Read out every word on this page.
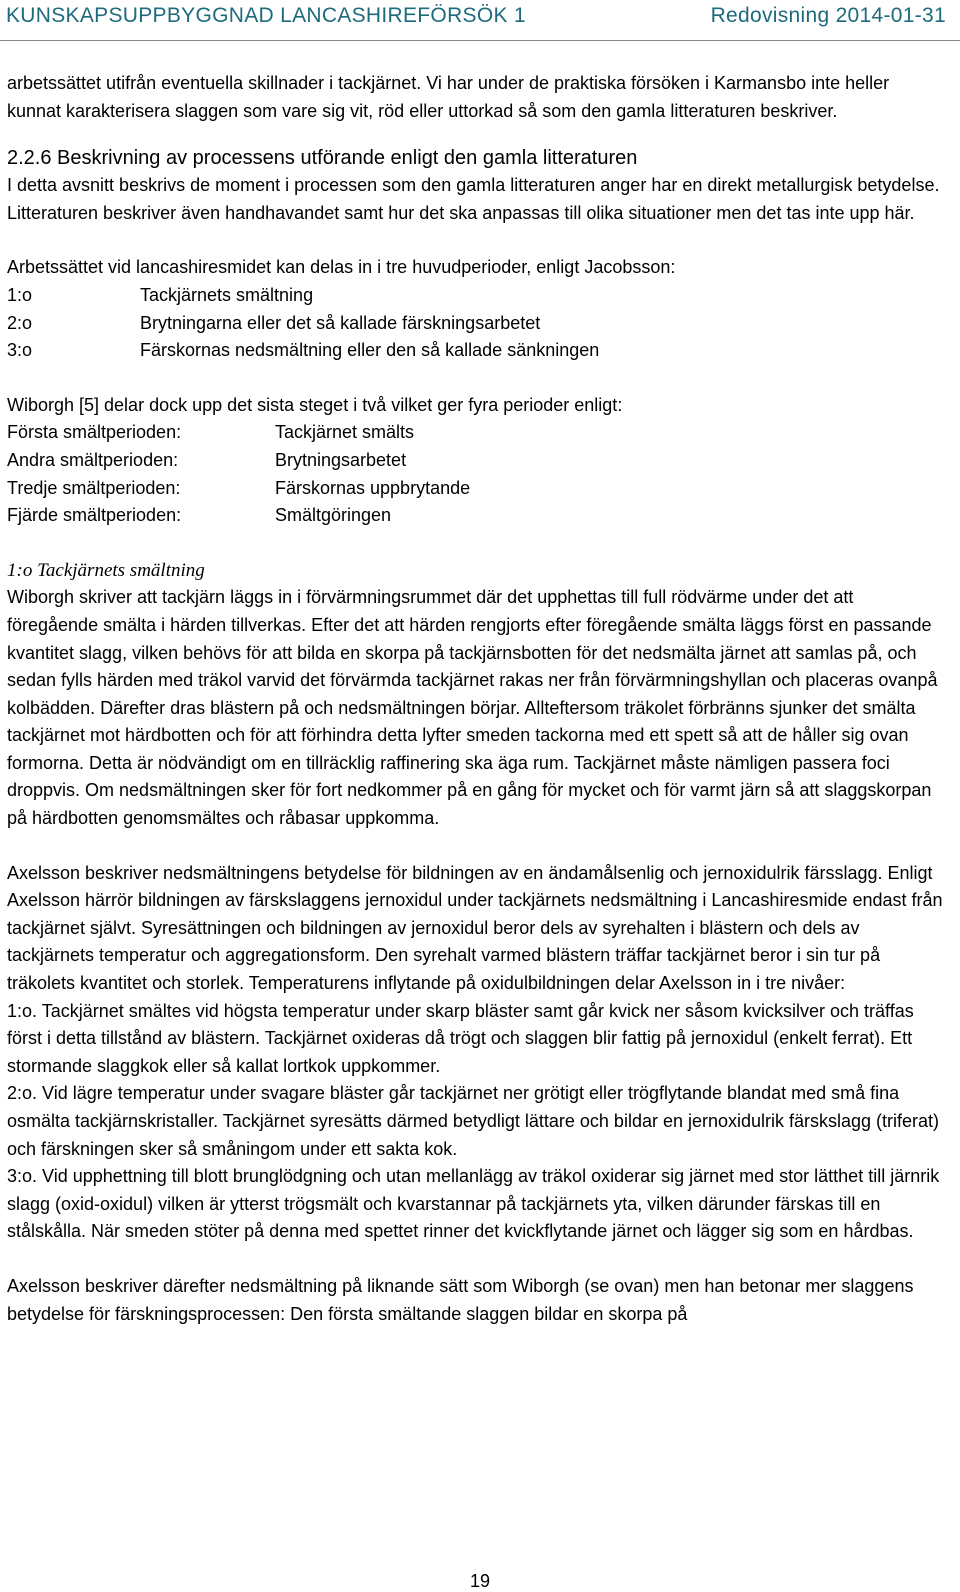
KUNSKAPSUPPBYGGNAD LANCASHIREFÖRSÖK 1	Redovisning 2014-01-31

arbetssättet utifrån eventuella skillnader i tackjärnet. Vi har under de praktiska försöken i Karmansbo inte heller kunnat karakterisera slaggen som vare sig vit, röd eller uttorkad så som den gamla litteraturen beskriver.

2.2.6 Beskrivning av processens utförande enligt den gamla litteraturen

I detta avsnitt beskrivs de moment i processen som den gamla litteraturen anger har en direkt metallurgisk betydelse. Litteraturen beskriver även handhavandet samt hur det ska anpassas till olika situationer men det tas inte upp här.

Arbetssättet vid lancashiresmidet kan delas in i tre huvudperioder, enligt Jacobsson:

1:o	Tackjärnets smältning
2:o	Brytningarna eller det så kallade färskningsarbetet
3:o	Färskornas nedsmältning eller den så kallade sänkningen

Wiborgh [5] delar dock upp det sista steget i två vilket ger fyra perioder enligt:

Första smältperioden:	Tackjärnet smälts
Andra smältperioden:	Brytningsarbetet
Tredje smältperioden:	Färskornas uppbrytande
Fjärde smältperioden:	Smältgöringen

1:o Tackjärnets smältning

Wiborgh skriver att tackjärn läggs in i förvärmningsrummet där det upphettas till full rödvärme under det att föregående smälta i härden tillverkas. Efter det att härden rengjorts efter föregående smälta läggs först en passande kvantitet slagg, vilken behövs för att bilda en skorpa på tackjärnsbotten för det nedsmälta järnet att samlas på, och sedan fylls härden med träkol varvid det förvärmda tackjärnet rakas ner från förvärmningshyllan och placeras ovanpå kolbädden. Därefter dras blästern på och nedsmältningen börjar. Allteftersom träkolet förbränns sjunker det smälta tackjärnet mot härdbotten och för att förhindra detta lyfter smeden tackorna med ett spett så att de håller sig ovan formorna. Detta är nödvändigt om en tillräcklig raffinering ska äga rum. Tackjärnet måste nämligen passera foci droppvis. Om nedsmältningen sker för fort nedkommer på en gång för mycket och för varmt järn så att slaggskorpan på härdbotten genomsmältes och råbasar uppkomma.

Axelsson beskriver nedsmältningens betydelse för bildningen av en ändamålsenlig och jernoxidulrik färsslagg. Enligt Axelsson härrör bildningen av färskslaggens jernoxidul under tackjärnets nedsmältning i Lancashiresmide endast från tackjärnet självt. Syresättningen och bildningen av jernoxidul beror dels av syrehalten i blästern och dels av tackjärnets temperatur och aggregationsform. Den syrehalt varmed blästern träffar tackjärnet beror i sin tur på träkolets kvantitet och storlek. Temperaturens inflytande på oxidulbildningen delar Axelsson in i tre nivåer:

1:o. Tackjärnet smältes vid högsta temperatur under skarp bläster samt går kvick ner såsom kvicksilver och träffas först i detta tillstånd av blästern. Tackjärnet oxideras då trögt och slaggen blir fattig på jernoxidul (enkelt ferrat). Ett stormande slaggkok eller så kallat lortkok uppkommer.

2:o. Vid lägre temperatur under svagare bläster går tackjärnet ner grötigt eller trögflytande blandat med små fina osmälta tackjärnskristaller. Tackjärnet syresätts därmed betydligt lättare och bildar en jernoxidulrik färskslagg (triferat) och färskningen sker så småningom under ett sakta kok.

3:o. Vid upphettning till blott brunglödgning och utan mellanlägg av träkol oxiderar sig järnet med stor lätthet till järnrik slagg (oxid-oxidul) vilken är ytterst trögsmält och kvarstannar på tackjärnets yta, vilken därunder färskas till en stålskålla. När smeden stöter på denna med spettet rinner det kvickflytande järnet och lägger sig som en hårdbas.

Axelsson beskriver därefter nedsmältning på liknande sätt som Wiborgh (se ovan) men han betonar mer slaggens betydelse för färskningsprocessen: Den första smältande slaggen bildar en skorpa på

19
